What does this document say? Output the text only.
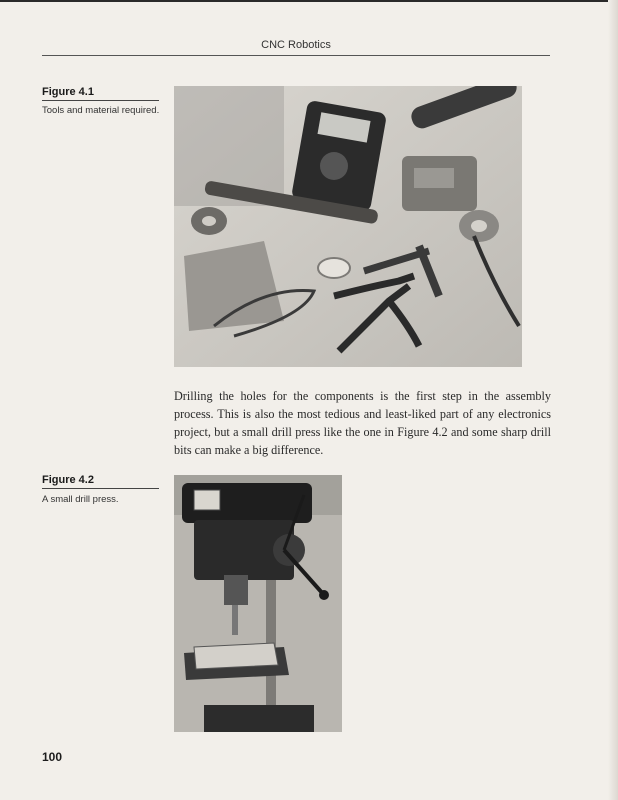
CNC Robotics
Figure 4.1
Tools and material required.
Drilling the holes for the components is the first step in the assembly process. This is also the most tedious and least-liked part of any electronics project, but a small drill press like the one in Figure 4.2 and some sharp drill bits can make a big difference.
Figure 4.2
A small drill press.
100
